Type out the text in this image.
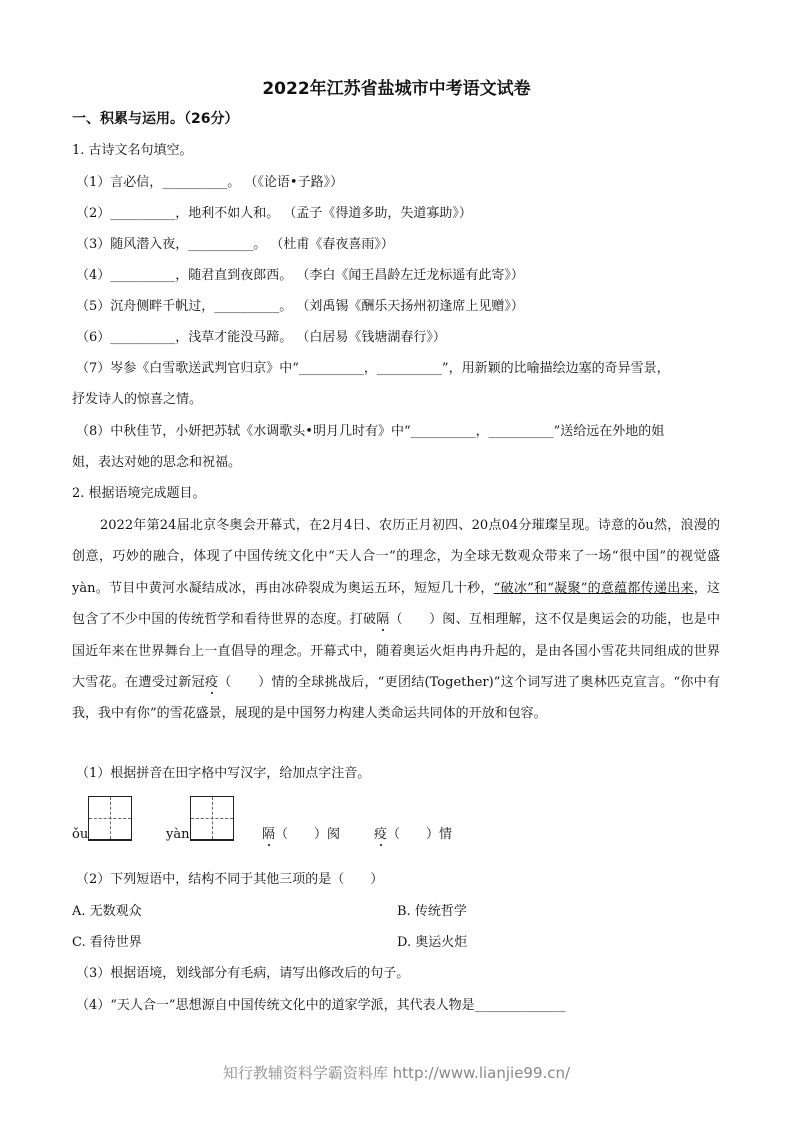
2022年江苏省盐城市中考语文试卷
一、积累与运用。（26分）
1. 古诗文名句填空。
（1）言必信，__________。 （《论语•子路》）
（2）__________，地利不如人和。 （孟子《得道多助，失道寡助》）
（3）随风潜入夜，__________。 （杜甫《春夜喜雨》）
（4）__________，随君直到夜郎西。 （李白《闻王昌龄左迁龙标遥有此寄》）
（5）沉舟侧畔千帆过，__________。 （刘禹锡《酬乐天扬州初逢席上见赠》）
（6）__________，浅草才能没马蹄。 （白居易《钱塘湖春行》）
（7）岑参《白雪歌送武判官归京》中“__________，__________”，用新颖的比喻描绘边塞的奇异雪景，
抒发诗人的惊喜之情。
（8）中秋佳节，小妍把苏轼《水调歌头•明月几时有》中“__________，__________”送给远在外地的姐
姐，表达对她的思念和祝福。
2. 根据语境完成题目。
2022年第24届北京冬奥会开幕式，在2月4日、农历正月初四、20点04分璀璨呈现。诗意的ǒu然，浪漫的创意，巧妙的融合，体现了中国传统文化中“天人合一”的理念，为全球无数观众带来了一场“很中国”的视觉盛yàn。节目中黄河水凝结成冰，再由冰砕裂成为奥运五环，短短几十秒，“破冰”和“凝聚”的意蕴都传递出来，这包含了不少中国的传统哲学和看待世界的态度。打破隔（　　）阂、互相理解，这不仅是奥运会的功能，也是中国近年来在世界舞台上一直倡导的理念。开幕式中，随着奥运火炬冉冉升起的，是由各国小雪花共同组成的世界大雪花。在遭受过新冠疫（　　）情的全球挑战后，“更团结(Together)”这个词写进了奥林匹克宣言。“你中有我，我中有你”的雪花盛景，展现的是中国努力构建人类命运共同体的开放和包容。
（1）根据拼音在田字格中写汉字，给加点字注音。
ǒu	yàn	隔（　　）阂	疫（　　）情
（2）下列短语中，结构不同于其他三项的是（　　）
A. 无数观众	B. 传统哲学
C. 看待世界	D. 奥运火炬
（3）根据语境，划线部分有毛病，请写出修改后的句子。
（4）“天人合一”思想源自中国传统文化中的道家学派，其代表人物是______________
知行教辅资料学霸资料库 http://www.lianjie99.cn/
